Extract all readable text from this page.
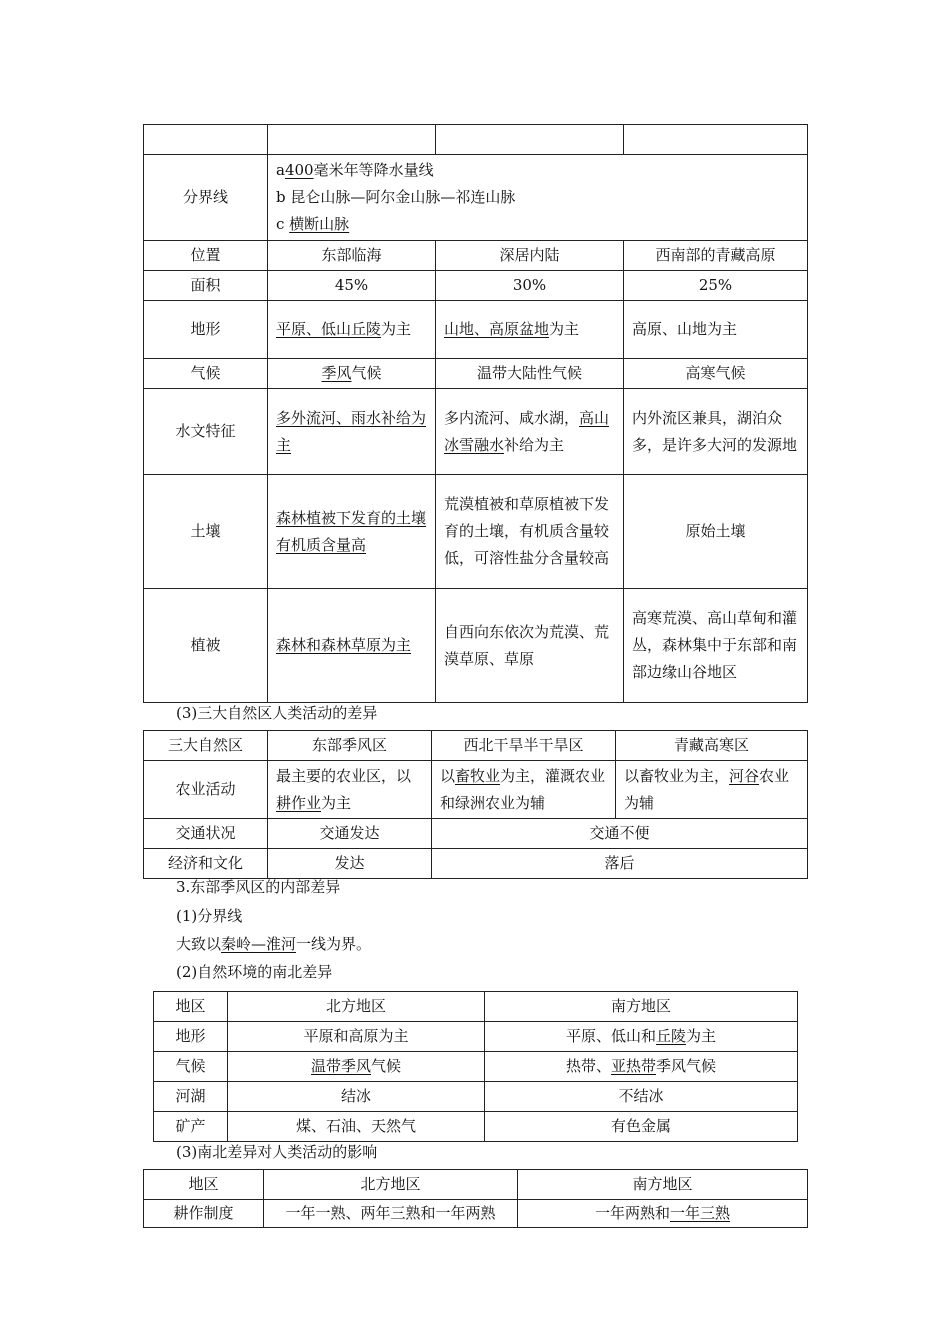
分界线	a400毫米年等降水量线
b 昆仑山脉—阿尔金山脉—祁连山脉
c 横断山脉		

位置	东部临海	深居内陆	西南部的青藏高原
面积	45%	30%	25%
地形	平原、低山丘陵为主	山地、高原盆地为主	高原、山地为主
气候	季风气候	温带大陆性气候	高寒气候
水文特征	多外流河、雨水补给为主	多内流河、咸水湖，高山冰雪融水补给为主	内外流区兼具，湖泊众多，是许多大河的发源地
土壤	森林植被下发育的土壤有机质含量高	荒漠植被和草原植被下发育的土壤，有机质含量较低，可溶性盐分含量较高	原始土壤
植被	森林和森林草原为主	自西向东依次为荒漠、荒漠草原、草原	高寒荒漠、高山草甸和灌丛，森林集中于东部和南部边缘山谷地区
(3)三大自然区人类活动的差异
三大自然区	东部季风区	西北干旱半干旱区	青藏高寒区
农业活动	最主要的农业区，以耕作业为主	以畜牧业为主，灌溉农业和绿洲农业为辅	以畜牧业为主，河谷农业为辅
交通状况	交通发达	交通不便	
经济和文化	发达	落后	
3.东部季风区的内部差异
(1)分界线
大致以秦岭—淮河一线为界。
(2)自然环境的南北差异
地区	北方地区	南方地区
地形	平原和高原为主	平原、低山和丘陵为主
气候	温带季风气候	热带、亚热带季风气候
河湖	结冰	不结冰
矿产	煤、石油、天然气	有色金属
(3)南北差异对人类活动的影响
地区	北方地区	南方地区
耕作制度	一年一熟、两年三熟和一年两熟	一年两熟和一年三熟
